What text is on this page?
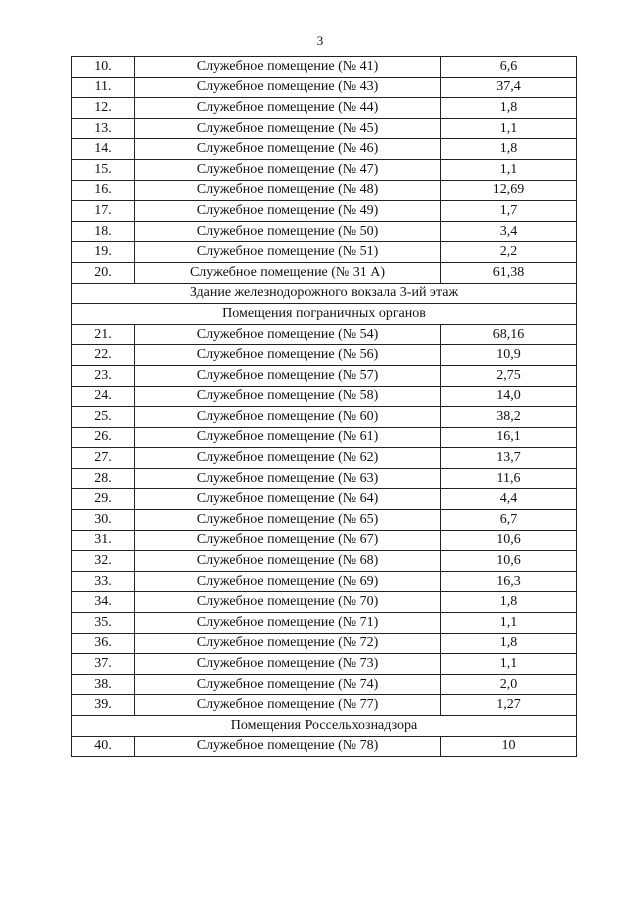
3
10.	Служебное помещение (№ 41)	6,6
11.	Служебное помещение (№ 43)	37,4
12.	Служебное помещение (№ 44)	1,8
13.	Служебное помещение (№ 45)	1,1
14.	Служебное помещение (№ 46)	1,8
15.	Служебное помещение (№ 47)	1,1
16.	Служебное помещение (№ 48)	12,69
17.	Служебное помещение (№ 49)	1,7
18.	Служебное помещение (№ 50)	3,4
19.	Служебное помещение (№ 51)	2,2
20.	Служебное помещение (№ 31 А)	61,38
Здание железнодорожного вокзала 3-ий этаж		
Помещения пограничных органов		
21.	Служебное помещение (№ 54)	68,16
22.	Служебное помещение (№ 56)	10,9
23.	Служебное помещение (№ 57)	2,75
24.	Служебное помещение (№ 58)	14,0
25.	Служебное помещение (№ 60)	38,2
26.	Служебное помещение (№ 61)	16,1
27.	Служебное помещение (№ 62)	13,7
28.	Служебное помещение (№ 63)	11,6
29.	Служебное помещение (№ 64)	4,4
30.	Служебное помещение (№ 65)	6,7
31.	Служебное помещение (№ 67)	10,6
32.	Служебное помещение (№ 68)	10,6
33.	Служебное помещение (№ 69)	16,3
34.	Служебное помещение (№ 70)	1,8
35.	Служебное помещение (№ 71)	1,1
36.	Служебное помещение (№ 72)	1,8
37.	Служебное помещение (№ 73)	1,1
38.	Служебное помещение (№ 74)	2,0
39.	Служебное помещение (№ 77)	1,27
Помещения Россельхознадзора		
40.	Служебное помещение (№ 78)	10
